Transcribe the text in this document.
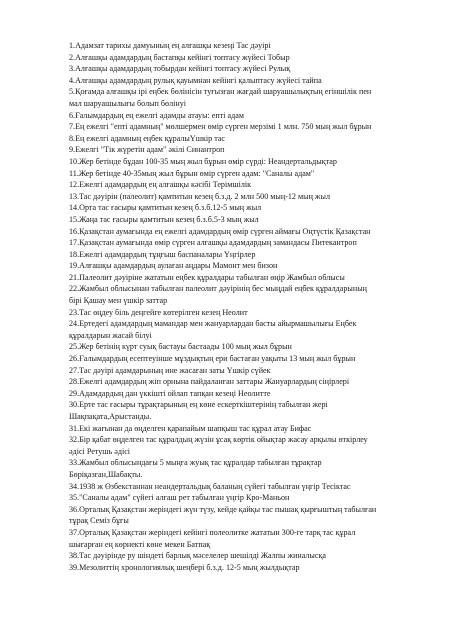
1.Адамзат тарихы дамуының ең алғашқы кезеңі Тас дәуірі
2.Алғашқы адамдардың бастапқы кейінгі топтасу жүйесі Тобыр
3.Алғашқы адамдардың тобырдан кейінгі топтасу жүйесі Рулық
4.Алғашқы адамдардың рулық қауымнан кейінгі қалыптасу жүйесі тайпа
5.Қоғамда алғашқы ірі еңбек бөлінісін туғызған жағдай шаруашылықтың егіншілік пен
мал шаруашылығы болып бөлінуі
6.Ғалымдардың ең ежелгі адамды атауы: епті адам
7.Ең ежелгі "епті адамның" мөлшермен өмір сүрген мерзімі 1 млн. 750 мың жыл бұрын
8.Ең ежелгі адамның еңбек құралыҮшкір тас
9.Ежелгі "Тік жүретін адам" әкілі Синантроп
10.Жер бетінде бұдан 100-35 мың жыл бұрын өмір сүрді: Неандертальдықтар
11.Жер бетінде 40-35мың жыл бұрын өмір сүрген адам: "Саналы адам"
12.Ежелгі адамдардың ең алғашқы кәсібі Терімшілік
13.Тас дәуірін (палеолит) қамтитын кезең б.з.д. 2 млн 500 мың-12 мың жыл
14.Орта тас ғасыры қамтитын кезең б.з.б.12-5 мың жыл
15.Жаңа тас ғасыры қамтитын кезең б.з.б.5-3 мың жыл
16.Қазақстан аумағында ең ежелгі адамдардың өмір сүрген аймағы Оңтүстік Қазақстан
17.Қазақстан аумағында өмір сүрген алғашқы адамдардың замандасы Питекантроп
18.Ежелгі адамдардың тұңғыш баспаналары Үңгірлер
19.Алғашқы адамдардың аулаған аңдары Мамонт мен бизон
21.Палеолит дәуірінe жататын еңбек құралдары табылған өңір Жамбыл облысы
22.Жамбыл облысынан табылған палеолит дәуірінің бес мыңдай еңбек құралдарының
бірі Қашау мен үшкір заттар
23.Тас өңдеу біль деңгейге көтерілген кезең Неолит
24.Ертедегі адамдардың мамандар мен жануарлардан басты айырмашылығы Еңбек
құралдарын жасай білуі
25.Жер бетінің күрт суық бастауы бастаады 100 мың жыл бұрын
26.Ғалымдардың есептеуінше мұздықтың ери бастаған уақыты 13 мың жыл бұрын
27.Тас дәуірі адамдарының ине жасаған заты Үшкір сүйек
28.Ежелгі адамдардың жіп орнына пайдаланған заттары Жануарлардың сіңірлері
29.Адамдардың дан үккішті ойлап тапқан кезеңі Неолитте
30.Ерте тас ғасыры тұрақтарының ең көне ескерткіштерінің табылған жері
Шақпақата,Арыстанды.
31.Екі жағынан да өңделген қарапайым шапқыш тас құрал атау Бифас
32.Бір қабат өңделген тас құралдың жүзін ұсақ көртік ойықтар жасау арқылы өткірлеу
әдісі Ретушь әдісі
33.Жамбыл облысындағы 5 мыңға жуық тас құралдар табылған тұрақтар
Бөріқазған,Шабақты.
34.1938 ж Өзбекстаннан неандертальдық баланың сүйегі табылған үңгір Тесіктас
35."Саналы адам" сүйегі алғаш рет табылған үңгір Кро-Маньон
36.Орталық Қазақстан жеріндегі жүн түзу, кейде қайқы тас пышақ қырғыштың табылған
тұрақ Семіз бұғы
37.Орталық Қазақстан жеріндегі кейінгі полеолитке жататын 300-ге тарқ тас құрал
шығарған ең көрнекті көне мекен Батпақ
38.Тас дәуірінде ру шіндеті барлық мәселелер шешілді Жалпы жиналысқа
39.Мезолиттің хронологиялық шеңбері б.з.д. 12-5 мың жылдықтар
